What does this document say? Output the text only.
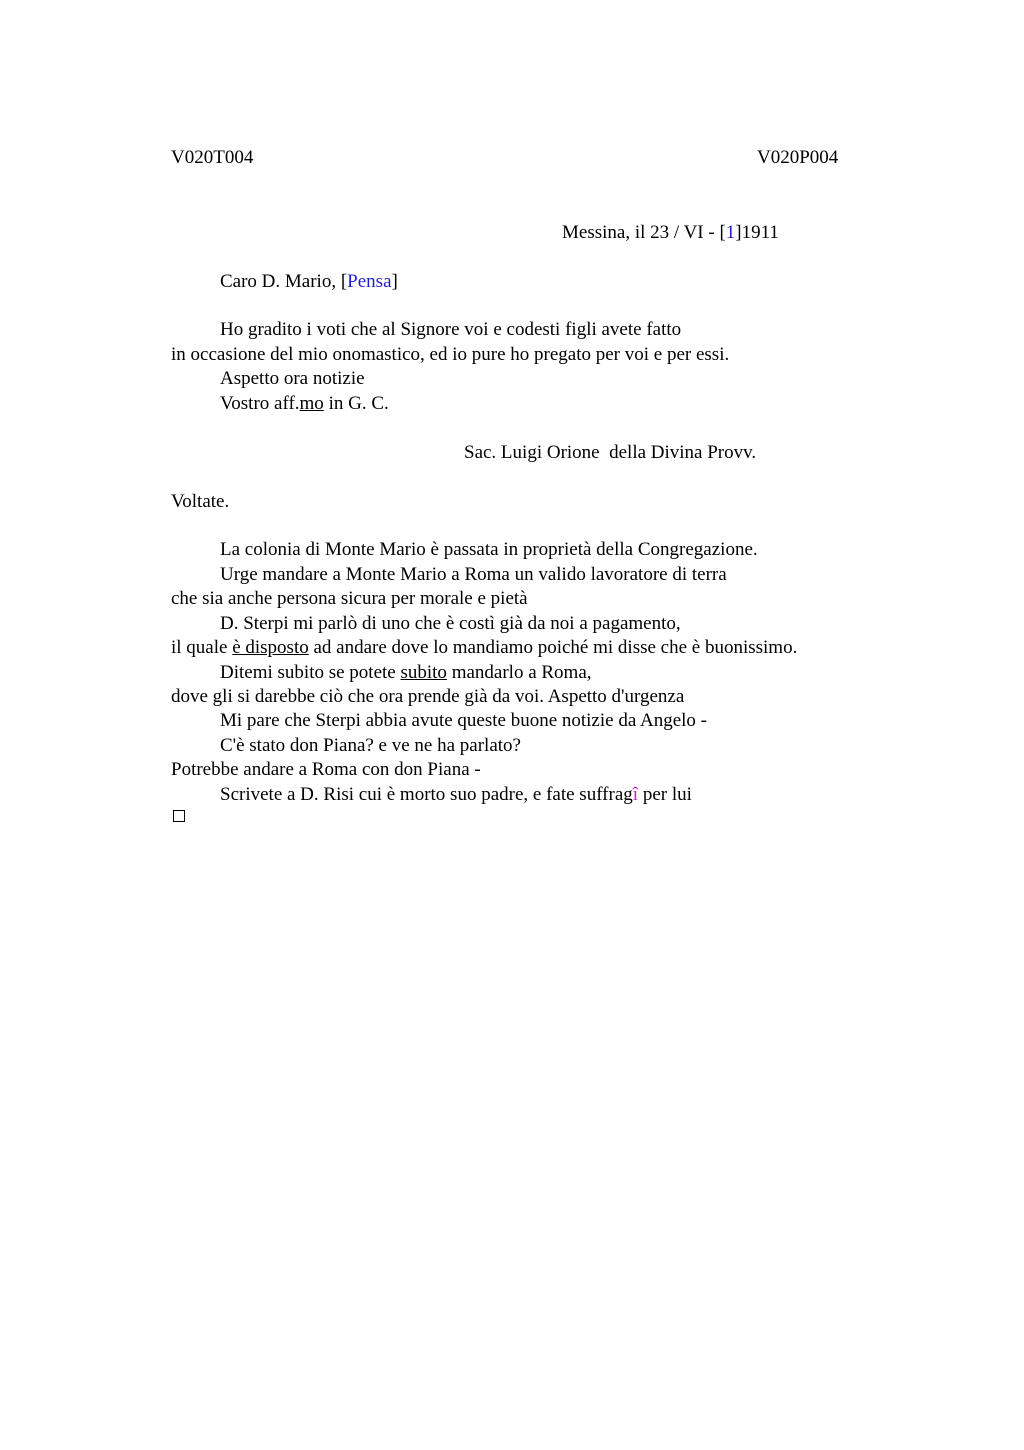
V020T004	V020P004
Messina, il 23 / VI - [1]1911
Caro D. Mario, [Pensa]
Ho gradito i voti che al Signore voi e codesti figli avete fatto
in occasione del mio onomastico, ed io pure ho pregato per voi e per essi.
Aspetto ora notizie
Vostro aff.mo in G. C.
Sac. Luigi Orione  della Divina Provv.
Voltate.
La colonia di Monte Mario è passata in proprietà della Congregazione.
Urge mandare a Monte Mario a Roma un valido lavoratore di terra
che sia anche persona sicura per morale e pietà
D. Sterpi mi parlò di uno che è costì già da noi a pagamento,
il quale è disposto ad andare dove lo mandiamo poiché mi disse che è buonissimo.
Ditemi subito se potete subito mandarlo a Roma,
dove gli si darebbe ciò che ora prende già da voi. Aspetto d'urgenza
Mi pare che Sterpi abbia avute queste buone notizie da Angelo -
C'è stato don Piana? e ve ne ha parlato?
Potrebbe andare a Roma con don Piana -
Scrivete a D. Risi cui è morto suo padre, e fate suffragî per lui
